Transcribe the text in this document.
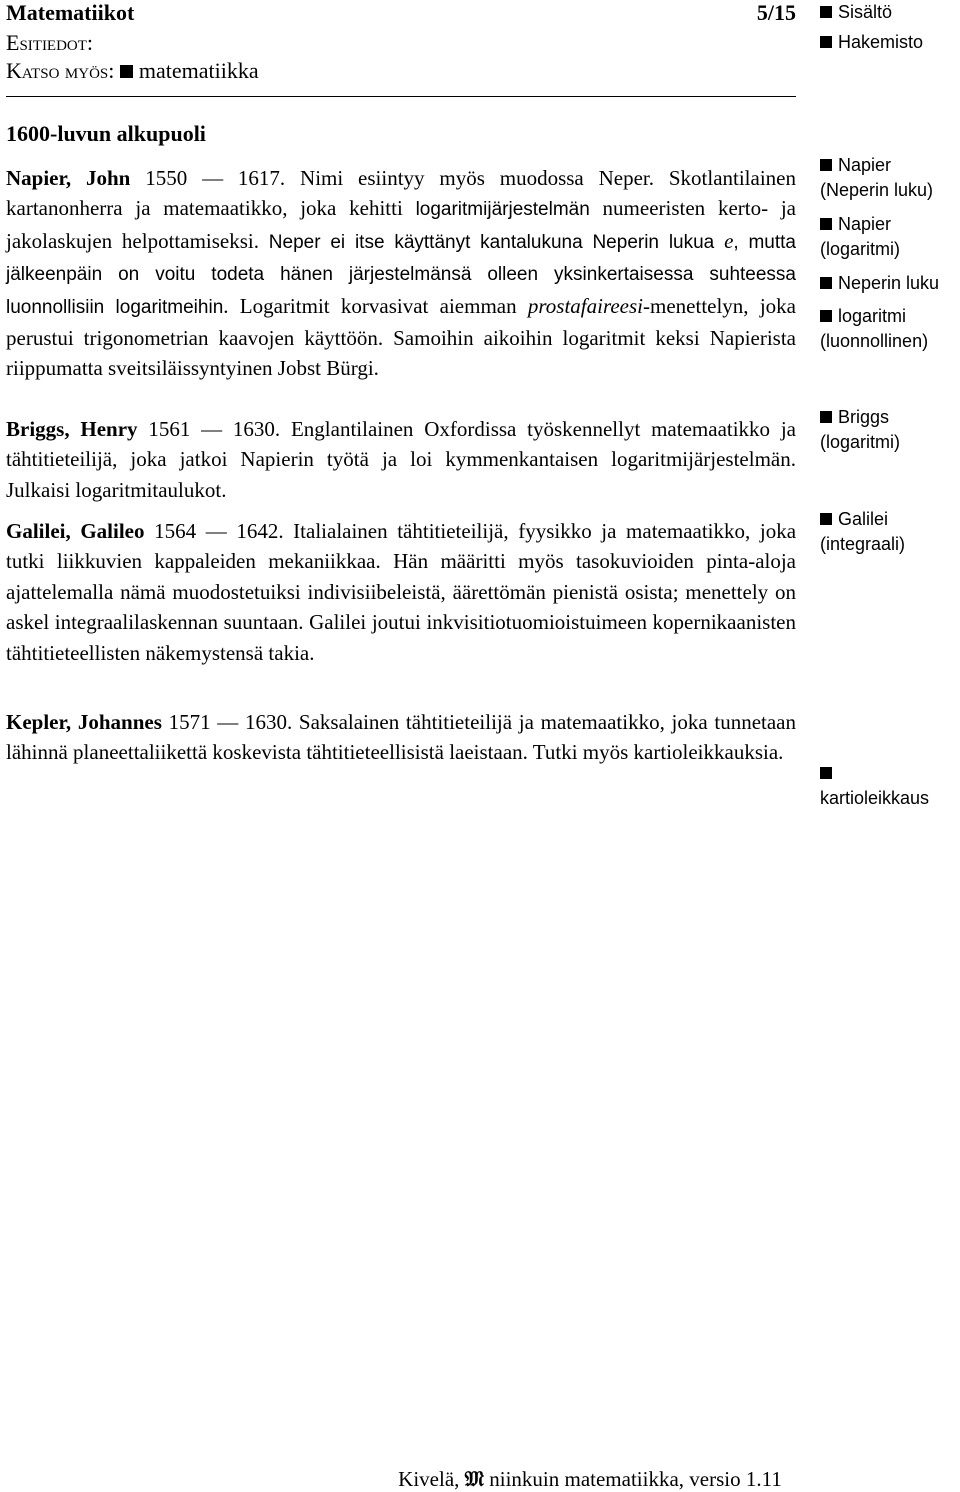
Matematiikot	5/15
Esitiedot:
Katso myös: matematiikka
1600-luvun alkupuoli
Napier, John 1550 — 1617. Nimi esiintyy myös muodossa Neper. Skotlantilainen kartanonherra ja matemaatikko, joka kehitti logaritmijärjestelmän numeeristen kerto- ja jakolaskujen helpottamiseksi. Neper ei itse käyttänyt kantalukuna Neperin lukua e, mutta jälkeenpäin on voitu todeta hänen järjestelmänsä olleen yksinkertaisessa suhteessa luonnollisiin logaritmeihin. Logaritmit korvasivat aiemman prostafaireesi-menettelyn, joka perustui trigonometrian kaavojen käyttöön. Samoihin aikoihin logaritmit keksi Napierista riippumatta sveitsiläissyntyinen Jobst Bürgi.
Briggs, Henry 1561 — 1630. Englantilainen Oxfordissa työskennellyt matemaatikko ja tähtitieteilijä, joka jatkoi Napierin työtä ja loi kymmenkantaisen logaritmijärjestelmän. Julkaisi logaritmitaulukot.
Galilei, Galileo 1564 — 1642. Italialainen tähtitieteilijä, fyysikko ja matemaatikko, joka tutki liikkuvien kappaleiden mekaniikkaa. Hän määritti myös tasokuvioiden pinta-aloja ajattelemalla nämä muodostetuiksi indivisiibeleistä, äärettömän pienistä osista; menettely on askel integraalilaskennan suuntaan. Galilei joutui inkvisitiotuomioistuimeen kopernikaanisten tähtitieteellisten näkemystensä takia.
Kepler, Johannes 1571 — 1630. Saksalainen tähtitieteilijä ja matemaatikko, joka tunnetaan lähinnä planeettaliikettä koskevista tähtitieteellisistä laeistaan. Tutki myös kartioleikkauksia.
Sisältö
Hakemisto
Napier
(Neperin luku)
Napier
(logaritmi)
Neperin luku
logaritmi
(luonnollinen)
Briggs
(logaritmi)
Galilei
(integraali)

kartioleikkaus
Kivelä, 𝔐 niinkuin matematiikka, versio 1.11
